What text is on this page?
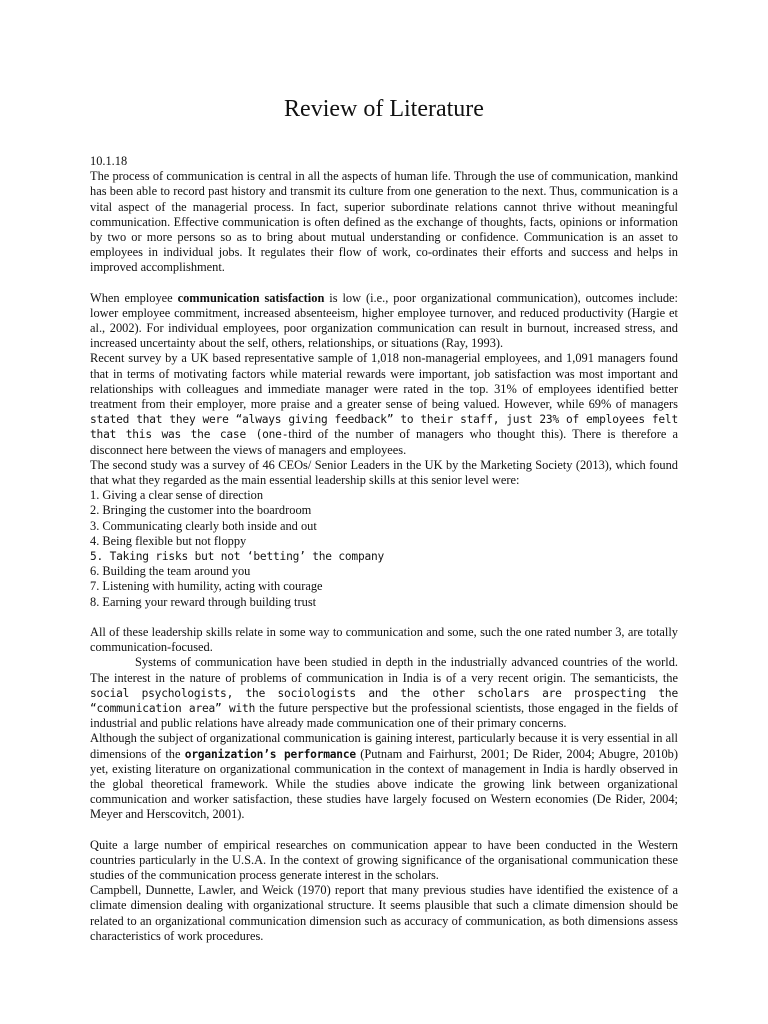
Review of Literature

10.1.18

The process of communication is central in all the aspects of human life. Through the use of communication, mankind has been able to record past history and transmit its culture from one generation to the next. Thus, communication is a vital aspect of the managerial process. In fact, superior subordinate relations cannot thrive without meaningful communication. Effective communication is often defined as the exchange of thoughts, facts, opinions or information by two or more persons so as to bring about mutual understanding or confidence. Communication is an asset to employees in individual jobs. It regulates their flow of work, co-ordinates their efforts and success and helps in improved accomplishment.

When employee communication satisfaction is low (i.e., poor organizational communication), outcomes include: lower employee commitment, increased absenteeism, higher employee turnover, and reduced productivity (Hargie et al., 2002). For individual employees, poor organization communication can result in burnout, increased stress, and increased uncertainty about the self, others, relationships, or situations (Ray, 1993).

Recent survey by a UK based representative sample of 1,018 non-managerial employees, and 1,091 managers found that in terms of motivating factors while material rewards were important, job satisfaction was most important and relationships with colleagues and immediate manager were rated in the top. 31% of employees identified better treatment from their employer, more praise and a greater sense of being valued. However, while 69% of managers stated that they were “always giving feedback” to their staff, just 23% of employees felt that this was the case (one-third of the number of managers who thought this). There is therefore a disconnect here between the views of managers and employees.

The second study was a survey of 46 CEOs/ Senior Leaders in the UK by the Marketing Society (2013), which found that what they regarded as the main essential leadership skills at this senior level were:

1. Giving a clear sense of direction
2. Bringing the customer into the boardroom
3. Communicating clearly both inside and out
4. Being flexible but not floppy
5. Taking risks but not ‘betting’ the company
6. Building the team around you
7. Listening with humility, acting with courage
8. Earning your reward through building trust

All of these leadership skills relate in some way to communication and some, such the one rated number 3, are totally communication-focused.

Systems of communication have been studied in depth in the industrially advanced countries of the world. The interest in the nature of problems of communication in India is of a very recent origin. The semanticists, the social psychologists, the sociologists and the other scholars are prospecting the “communication area” with the future perspective but the professional scientists, those engaged in the fields of industrial and public relations have already made communication one of their primary concerns.

Although the subject of organizational communication is gaining interest, particularly because it is very essential in all dimensions of the organization’s performance (Putnam and Fairhurst, 2001; De Rider, 2004; Abugre, 2010b) yet, existing literature on organizational communication in the context of management in India is hardly observed in the global theoretical framework. While the studies above indicate the growing link between organizational communication and worker satisfaction, these studies have largely focused on Western economies (De Rider, 2004; Meyer and Herscovitch, 2001).

Quite a large number of empirical researches on communication appear to have been conducted in the Western countries particularly in the U.S.A. In the context of growing significance of the organisational communication these studies of the communication process generate interest in the scholars.

Campbell, Dunnette, Lawler, and Weick (1970) report that many previous studies have identified the existence of a climate dimension dealing with organizational structure. It seems plausible that such a climate dimension should be related to an organizational communication dimension such as accuracy of communication, as both dimensions assess characteristics of work procedures.
